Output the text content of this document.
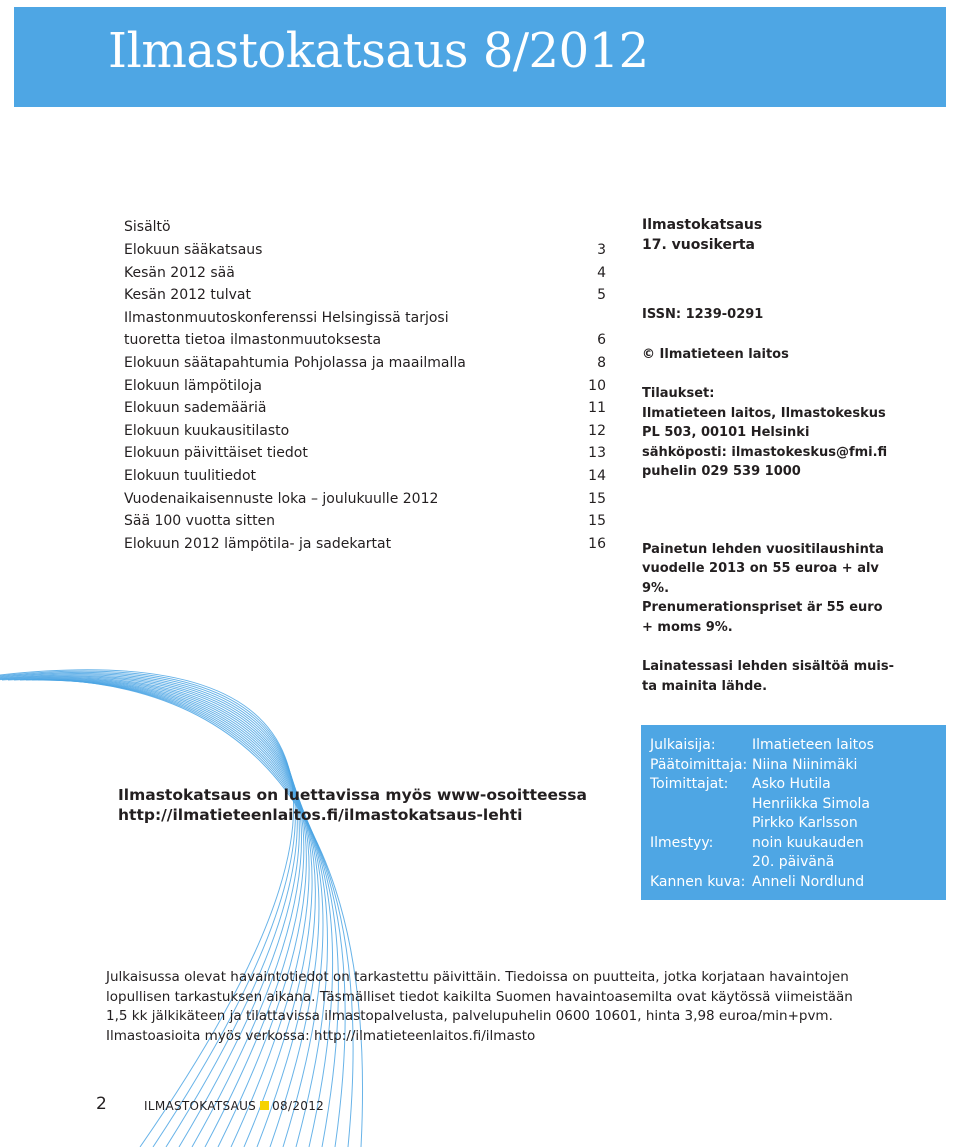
Ilmastokatsaus 8/2012
Sisältö
Elokuun sääkatsaus	3
Kesän 2012 sää	4
Kesän 2012 tulvat	5
Ilmastonmuutoskonferenssi Helsingissä tarjosi
tuoretta tietoa ilmastonmuutoksesta	6
Elokuun säätapahtumia Pohjolassa ja maailmalla	8
Elokuun lämpötiloja	10
Elokuun sademääriä	11
Elokuun kuukausitilasto	12
Elokuun päivittäiset tiedot	13
Elokuun tuulitiedot	14
Vuodenaikaisennuste loka – joulukuulle 2012	15
Sää 100 vuotta sitten	15
Elokuun 2012 lämpötila- ja sadekartat	16

Ilmastokatsaus

17. vuosikerta

ISSN: 1239-0291

© Ilmatieteen laitos

Tilaukset:

Ilmatieteen laitos, Ilmastokeskus

PL 503, 00101 Helsinki

sähköposti: ilmastokeskus@fmi.fi

puhelin 029 539 1000

Painetun lehden vuositilaushinta

vuodelle 2013 on 55 euroa + alv

9%.

Prenumerationspriset är 55 euro

+ moms 9%.

Lainatessasi lehden sisältöä muis-

ta mainita lähde.

Ilmastokatsaus on luettavissa myös www-osoitteessa
http://ilmatieteenlaitos.fi/ilmastokatsaus-lehti
Julkaisija:	Ilmatieteen laitos
Päätoimittaja:	Niina Niinimäki
Toimittajat:	Asko Hutila
	Henriikka Simola
	Pirkko Karlsson
Ilmestyy:	noin kuukauden
	20. päivänä
Kannen kuva:	Anneli Nordlund
Julkaisussa olevat havaintotiedot on tarkastettu päivittäin. Tiedoissa on puutteita, jotka korjataan havaintojen
lopullisen tarkastuksen aikana. Täsmälliset tiedot kaikilta Suomen havaintoasemilta ovat käytössä viimeistään
1,5 kk jälkikäteen ja tilattavissa ilmastopalvelusta, palvelupuhelin 0600 10601, hinta 3,98 euroa/min+pvm.
Ilmastoasioita myös verkossa: http://ilmatieteenlaitos.fi/ilmasto
2	ILMASTOKATSAUS 08/2012
